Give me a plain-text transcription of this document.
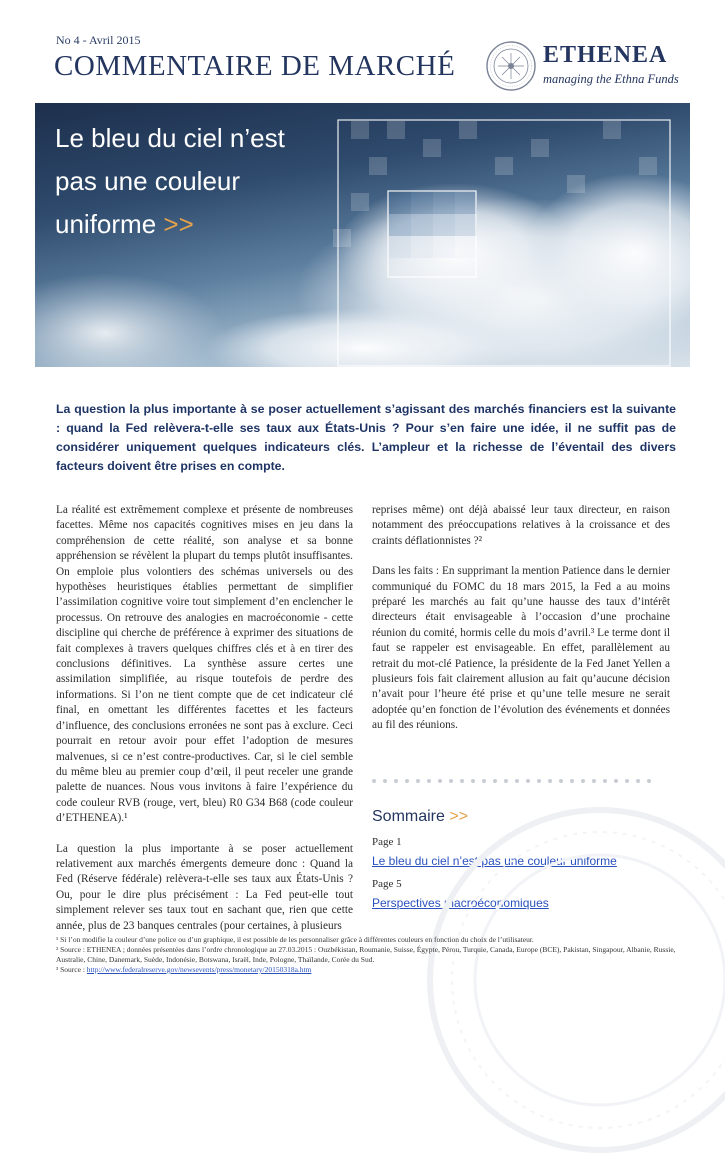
No 4 - Avril 2015
COMMENTAIRE DE MARCHÉ	ETHENEA
managing the Ethna Funds
Le bleu du ciel n’est pas une couleur uniforme >>
La question la plus importante à se poser actuellement s’agissant des marchés financiers est la suivante : quand la Fed relèvera-t-elle ses taux aux États-Unis ? Pour s’en faire une idée, il ne suffit pas de considérer uniquement quelques indicateurs clés. L’ampleur et la richesse de l’éventail des divers facteurs doivent être prises en compte.

La réalité est extrêmement complexe et présente de nombreuses facettes. Même nos capacités cognitives mises en jeu dans la compréhension de cette réalité, son analyse et sa bonne appréhension se révèlent la plupart du temps plutôt insuffisantes. On emploie plus volontiers des schémas universels ou des hypothèses heuristiques établies permettant de simplifier l’assimilation cognitive voire tout simplement d’en enclencher le processus. On retrouve des analogies en macroéconomie - cette discipline qui cherche de préférence à exprimer des situations de fait complexes à travers quelques chiffres clés et à en tirer des conclusions définitives. La synthèse assure certes une assimilation simplifiée, au risque toutefois de perdre des informations. Si l’on ne tient compte que de cet indicateur clé final, en omettant les différentes facettes et les facteurs d’influence, des conclusions erronées ne sont pas à exclure. Ceci pourrait en retour avoir pour effet l’adoption de mesures malvenues, si ce n’est contre-productives. Car, si le ciel semble du même bleu au premier coup d’œil, il peut receler une grande palette de nuances. Nous vous invitons à faire l’expérience du code couleur RVB (rouge, vert, bleu) R0 G34 B68 (code couleur d’ETHENEA).¹

La question la plus importante à se poser actuellement relativement aux marchés émergents demeure donc : Quand la Fed (Réserve fédérale) relèvera-t-elle ses taux aux États-Unis ? Ou, pour le dire plus précisément : La Fed peut-elle tout simplement relever ses taux tout en sachant que, rien que cette année, plus de 23 banques centrales (pour certaines, à plusieurs

reprises même) ont déjà abaissé leur taux directeur, en raison notamment des préoccupations relatives à la croissance et des craints déflationnistes ?²

Dans les faits : En supprimant la mention Patience dans le dernier communiqué du FOMC du 18 mars 2015, la Fed a au moins préparé les marchés au fait qu’une hausse des taux d’intérêt directeurs était envisageable à l’occasion d’une prochaine réunion du comité, hormis celle du mois d’avril.³ Le terme dont il faut se rappeler est envisageable. En effet, parallèlement au retrait du mot-clé Patience, la présidente de la Fed Janet Yellen a plusieurs fois fait clairement allusion au fait qu’aucune décision n’avait pour l’heure été prise et qu’une telle mesure ne serait adoptée qu’en fonction de l’évolution des événements et données au fil des réunions.

Sommaire >>
Page 1
Le bleu du ciel n’est pas une couleur uniforme
Page 5
Perspectives macroéconomiques
¹ Si l’on modifie la couleur d’une police ou d’un graphique, il est possible de les personnaliser grâce à différentes couleurs en fonction du choix de l’utilisateur.
² Source : ETHENEA ; données présentées dans l’ordre chronologique au 27.03.2015 : Ouzbékistan, Roumanie, Suisse, Égypte, Pérou, Turquie, Canada, Europe (BCE), Pakistan, Singapour, Albanie, Russie, Australie, Chine, Danemark, Suède, Indonésie, Botswana, Israël, Inde, Pologne, Thaïlande, Corée du Sud.
³ Source : http://www.federalreserve.gov/newsevents/press/monetary/20150318a.htm
